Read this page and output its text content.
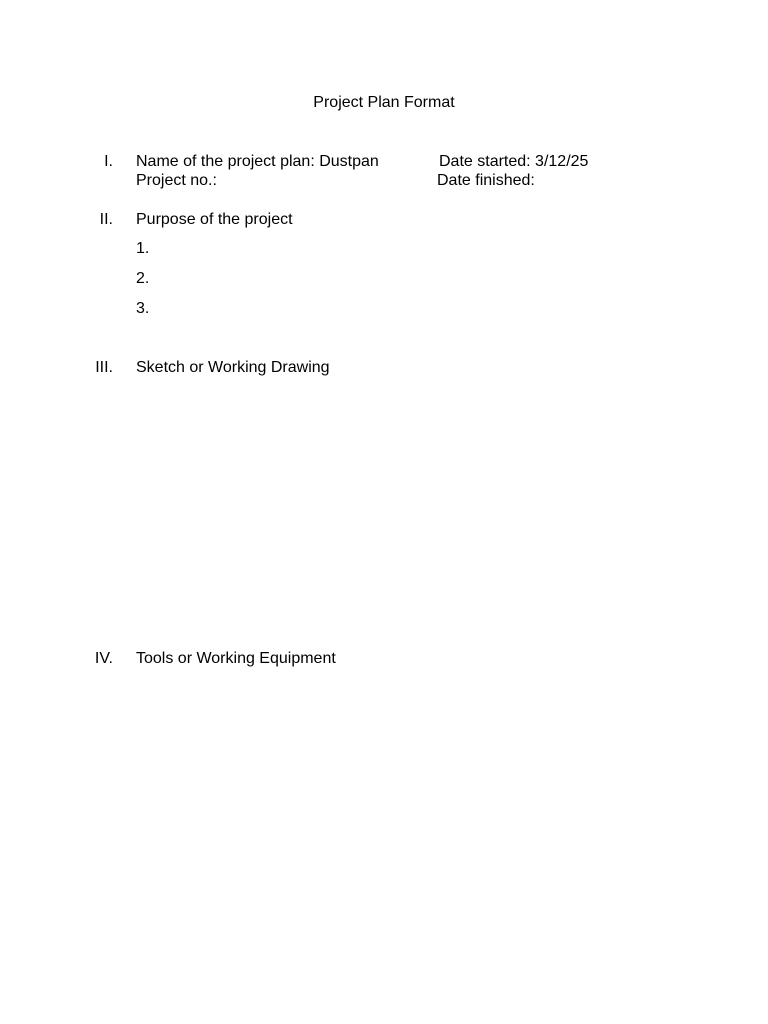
Project Plan Format
I. Name of the project plan: Dustpan
Project no.:
Date started: 3/12/25
Date finished:
II. Purpose of the project
1.
2.
3.
III. Sketch or Working Drawing
IV. Tools or Working Equipment
